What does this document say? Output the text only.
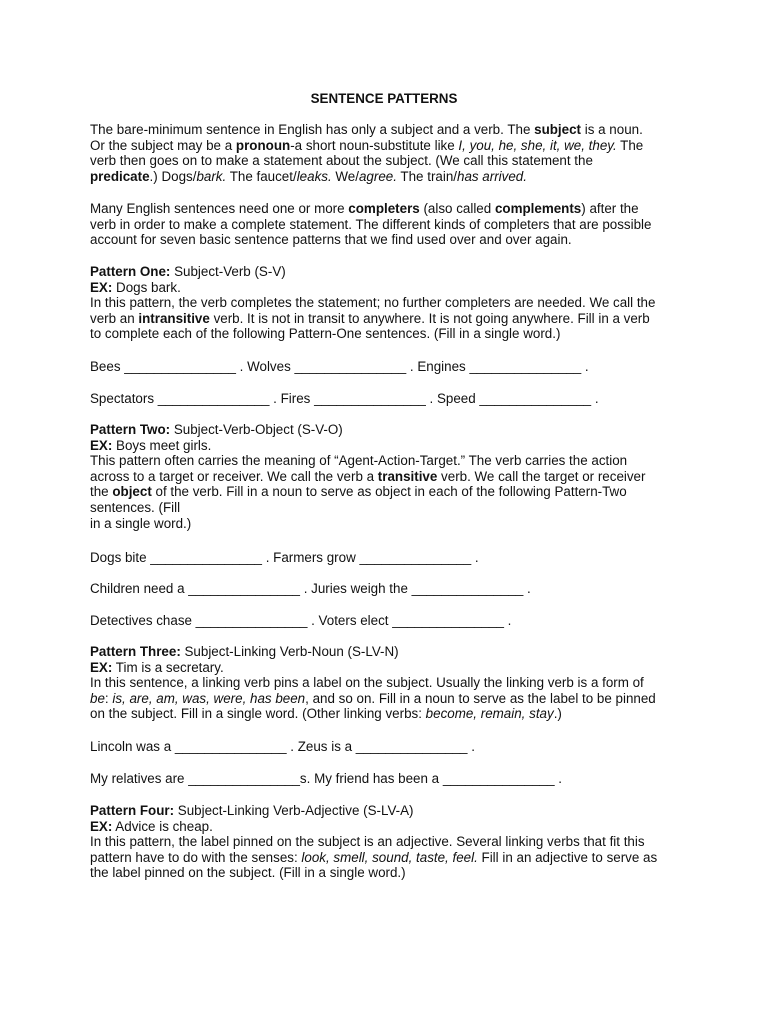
SENTENCE PATTERNS
The bare-minimum sentence in English has only a subject and a verb. The subject is a noun.
Or the subject may be a pronoun-a short noun-substitute like I, you, he, she, it, we, they. The
verb then goes on to make a statement about the subject. (We call this statement the
predicate.) Dogs/bark. The faucet/leaks. We/agree. The train/has arrived.
Many English sentences need one or more completers (also called complements) after the
verb in order to make a complete statement. The different kinds of completers that are possible
account for seven basic sentence patterns that we find used over and over again.
Pattern One: Subject-Verb (S-V)
EX: Dogs bark.
In this pattern, the verb completes the statement; no further completers are needed. We call the
verb an intransitive verb. It is not in transit to anywhere. It is not going anywhere. Fill in a verb
to complete each of the following Pattern-One sentences. (Fill in a single word.)
Bees _______________ . Wolves _______________ . Engines _______________ .
Spectators _______________ . Fires _______________ . Speed _______________ .
Pattern Two: Subject-Verb-Object (S-V-O)
EX: Boys meet girls.
This pattern often carries the meaning of “Agent-Action-Target.” The verb carries the action
across to a target or receiver. We call the verb a transitive verb. We call the target or receiver
the object of the verb. Fill in a noun to serve as object in each of the following Pattern-Two
sentences. (Fill
in a single word.)
Dogs bite _______________ . Farmers grow _______________ .
Children need a _______________ . Juries weigh the _______________ .
Detectives chase _______________ . Voters elect _______________ .
Pattern Three: Subject-Linking Verb-Noun (S-LV-N)
EX: Tim is a secretary.
In this sentence, a linking verb pins a label on the subject. Usually the linking verb is a form of
be: is, are, am, was, were, has been, and so on. Fill in a noun to serve as the label to be pinned
on the subject. Fill in a single word. (Other linking verbs: become, remain, stay.)
Lincoln was a _______________ . Zeus is a _______________ .
My relatives are _______________s. My friend has been a _______________ .
Pattern Four: Subject-Linking Verb-Adjective (S-LV-A)
EX: Advice is cheap.
In this pattern, the label pinned on the subject is an adjective. Several linking verbs that fit this
pattern have to do with the senses: look, smell, sound, taste, feel. Fill in an adjective to serve as
the label pinned on the subject. (Fill in a single word.)
